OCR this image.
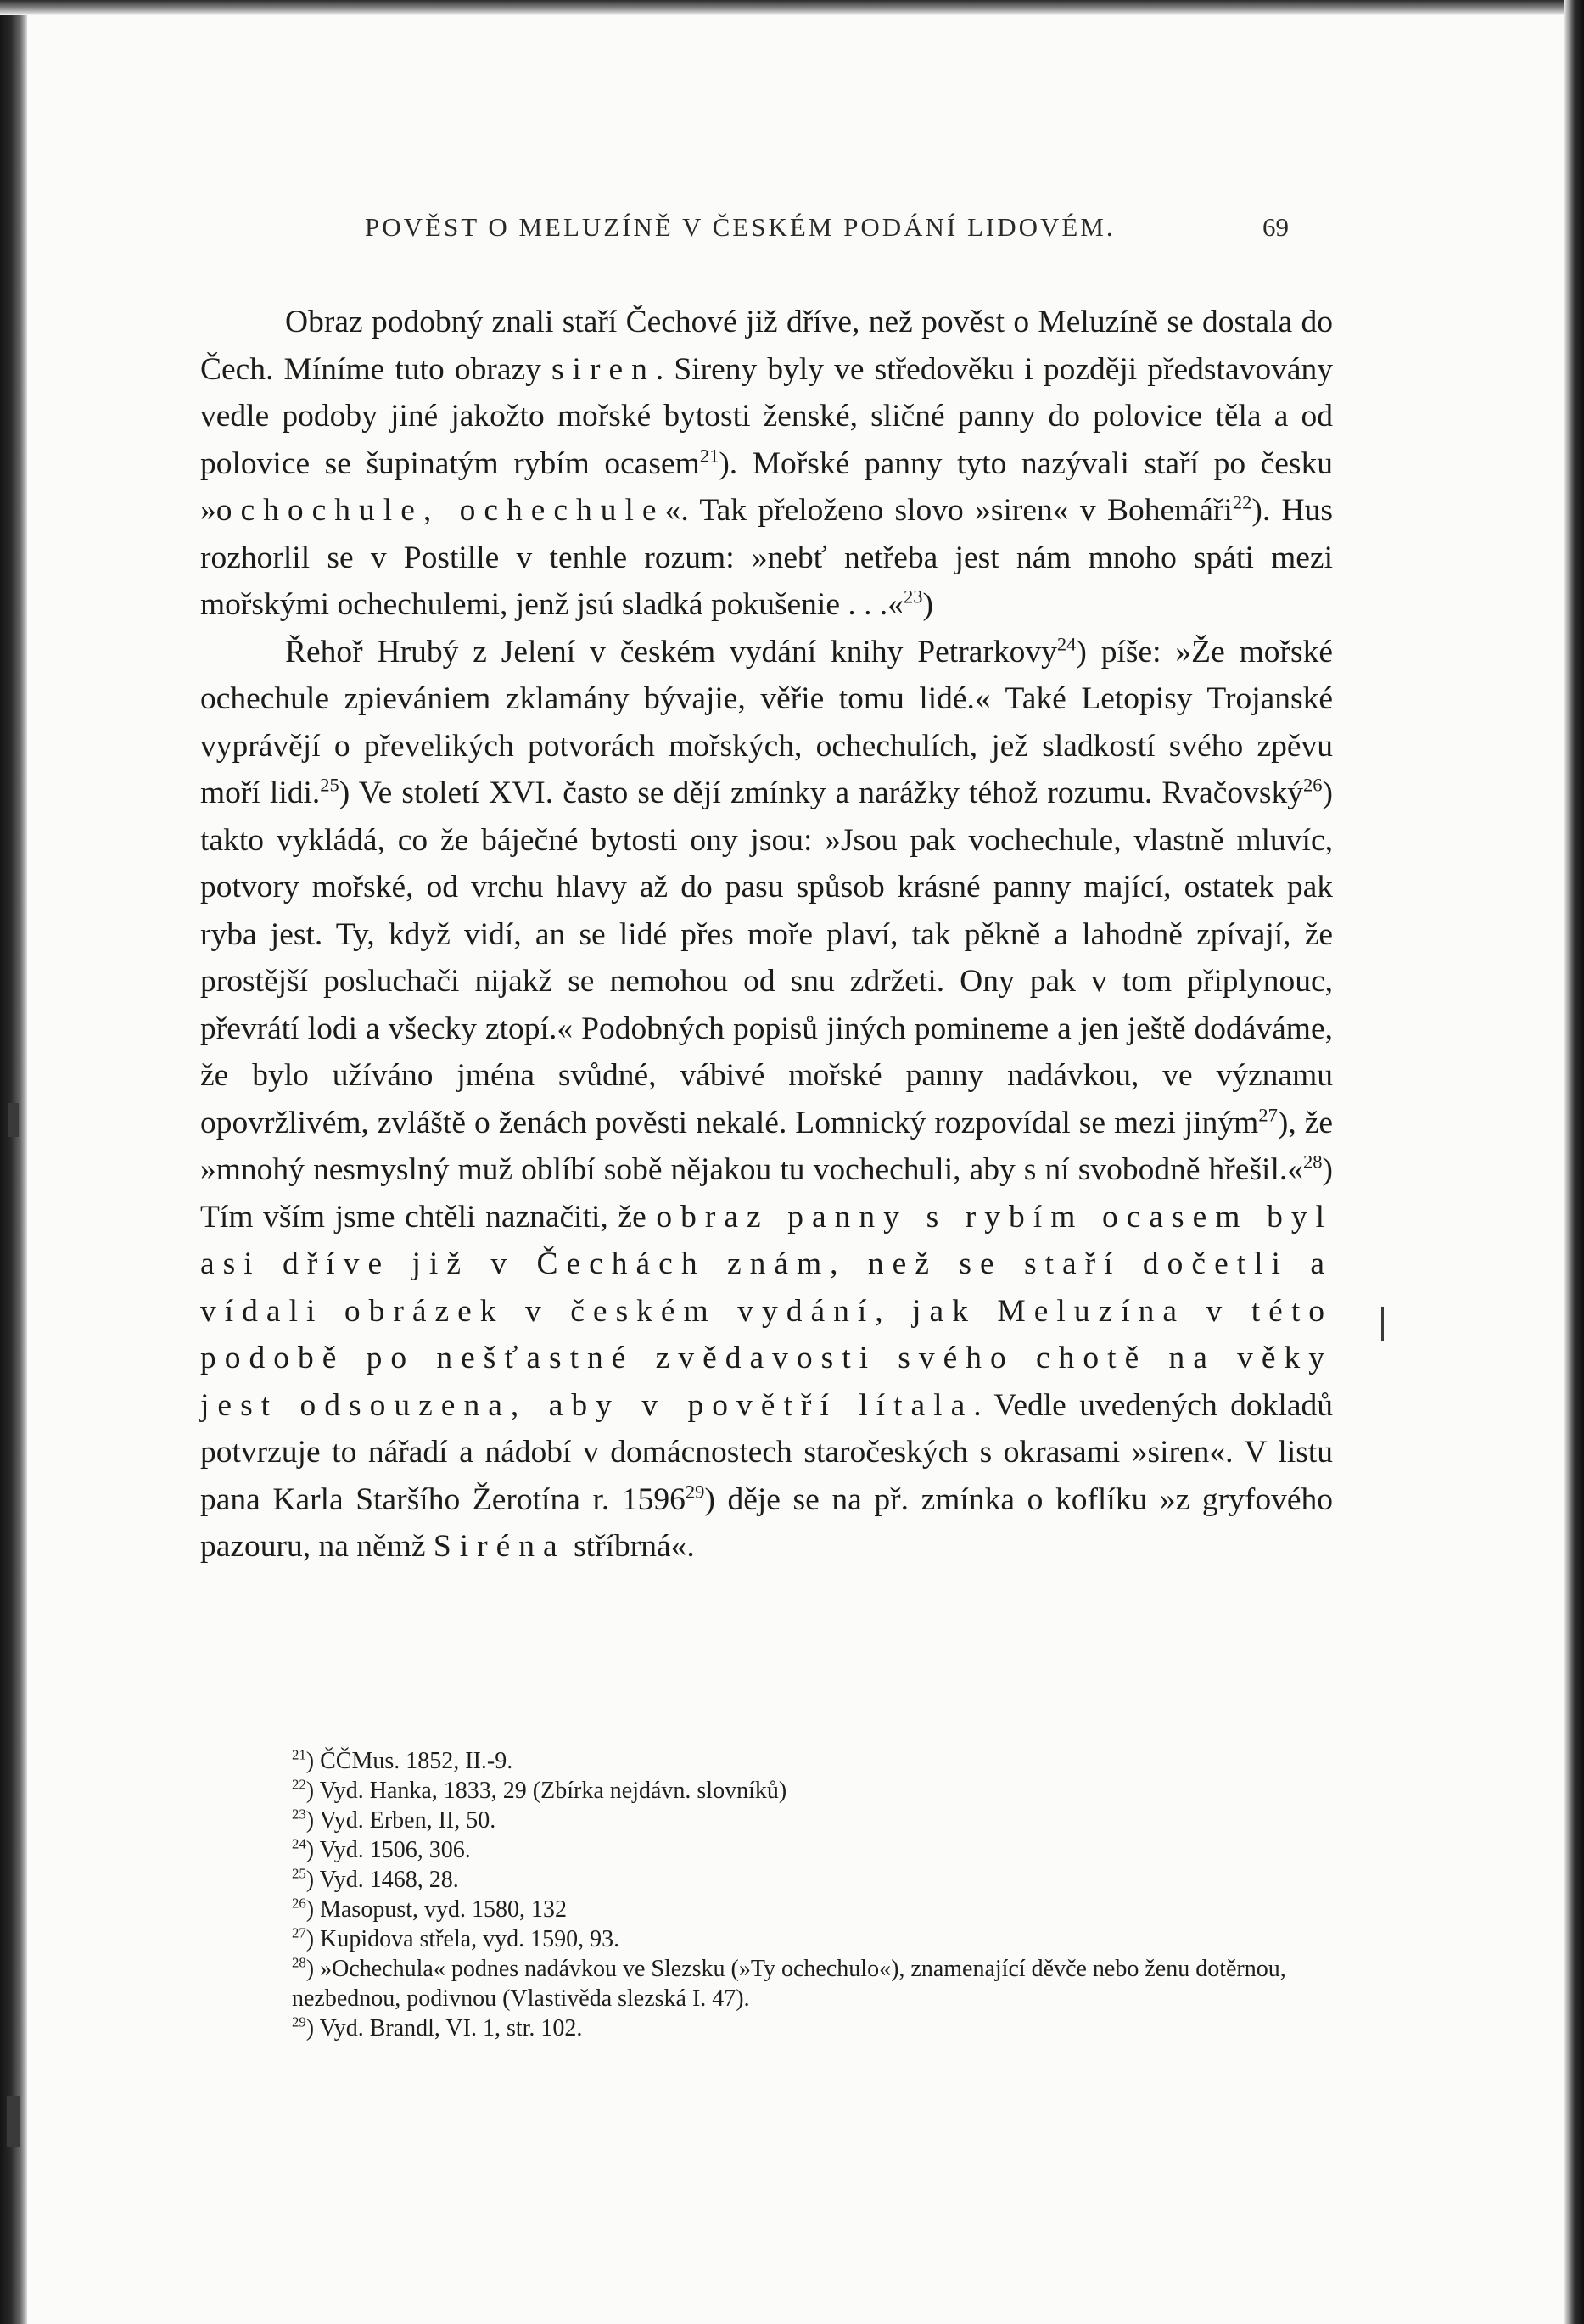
POVĚST O MELUZÍNĚ V ČESKÉM PODÁNÍ LIDOVÉM.	69

Obraz podobný znali staří Čechové již dříve, než pověst o Meluzíně se dostala do Čech. Míníme tuto obrazy siren. Sireny byly ve středověku i později představovány vedle podoby jiné jakožto mořské bytosti ženské, sličné panny do polovice těla a od polovice se šupinatým rybím ocasem$^{21}$). Mořské panny tyto nazývali staří po česku »ochochule, ochechule«. Tak přeloženo slovo »siren« v Bohemáři$^{22}$). Hus rozhorlil se v Postille v tenhle rozum: »nebť netřeba jest nám mnoho spáti mezi mořskými ochechulemi, jenž jsú sladká pokušenie . . .«$^{23}$)

Řehoř Hrubý z Jelení v českém vydání knihy Petrarkovy$^{24}$) píše: »Že mořské ochechule zpievániem zklamány bývajie, věřie tomu lidé.« Také Letopisy Trojanské vyprávějí o převelikých potvorách mořských, ochechulích, jež sladkostí svého zpěvu moří lidi.$^{25}$) Ve století XVI. často se dějí zmínky a narážky téhož rozumu. Rvačovský$^{26}$) takto vykládá, co že báječné bytosti ony jsou: »Jsou pak vochechule, vlastně mluvíc, potvory mořské, od vrchu hlavy až do pasu spůsob krásné panny mající, ostatek pak ryba jest. Ty, když vidí, an se lidé přes moře plaví, tak pěkně a lahodně zpívají, že prostější posluchači nijakž se nemohou od snu zdržeti. Ony pak v tom připlynouc, převrátí lodi a všecky ztopí.« Podobných popisů jiných pomineme a jen ještě dodáváme, že bylo užíváno jména svůdné, vábivé mořské panny nadávkou, ve významu opovržlivém, zvláště o ženách pověsti nekalé. Lomnický rozpovídal se mezi jiným$^{27}$), že »mnohý nesmyslný muž oblíbí sobě nějakou tu vochechuli, aby s ní svobodně hřešil.«$^{28}$) Tím vším jsme chtěli naznačiti, že obraz panny s rybím ocasem byl asi dříve již v Čechách znám, než se staří dočetli a vídali obrázek v českém vydání, jak Meluzína v této podobě po nešťastné zvědavosti svého chotě na věky jest odsouzena, aby v povětří lítala. Vedle uvedených dokladů potvrzuje to nářadí a nádobí v domácnostech staročeských s okrasami »siren«. V listu pana Karla Staršího Žerotína r. 1596$^{29}$) děje se na př. zmínka o koflíku »z gryfového pazouru, na němž Siréna stříbrná«.

$^{21}$) ČČMus. 1852, II.-9.
$^{22}$) Vyd. Hanka, 1833, 29 (Zbírka nejdávn. slovníků)
$^{23}$) Vyd. Erben, II, 50.
$^{24}$) Vyd. 1506, 306.
$^{25}$) Vyd. 1468, 28.
$^{26}$) Masopust, vyd. 1580, 132
$^{27}$) Kupidova střela, vyd. 1590, 93.
$^{28}$) »Ochechula« podnes nadávkou ve Slezsku (»Ty ochechulo«), znamenající děvče nebo ženu dotěrnou, nezbednou, podivnou (Vlastivěda slezská I. 47).
$^{29}$) Vyd. Brandl, VI. 1, str. 102.
